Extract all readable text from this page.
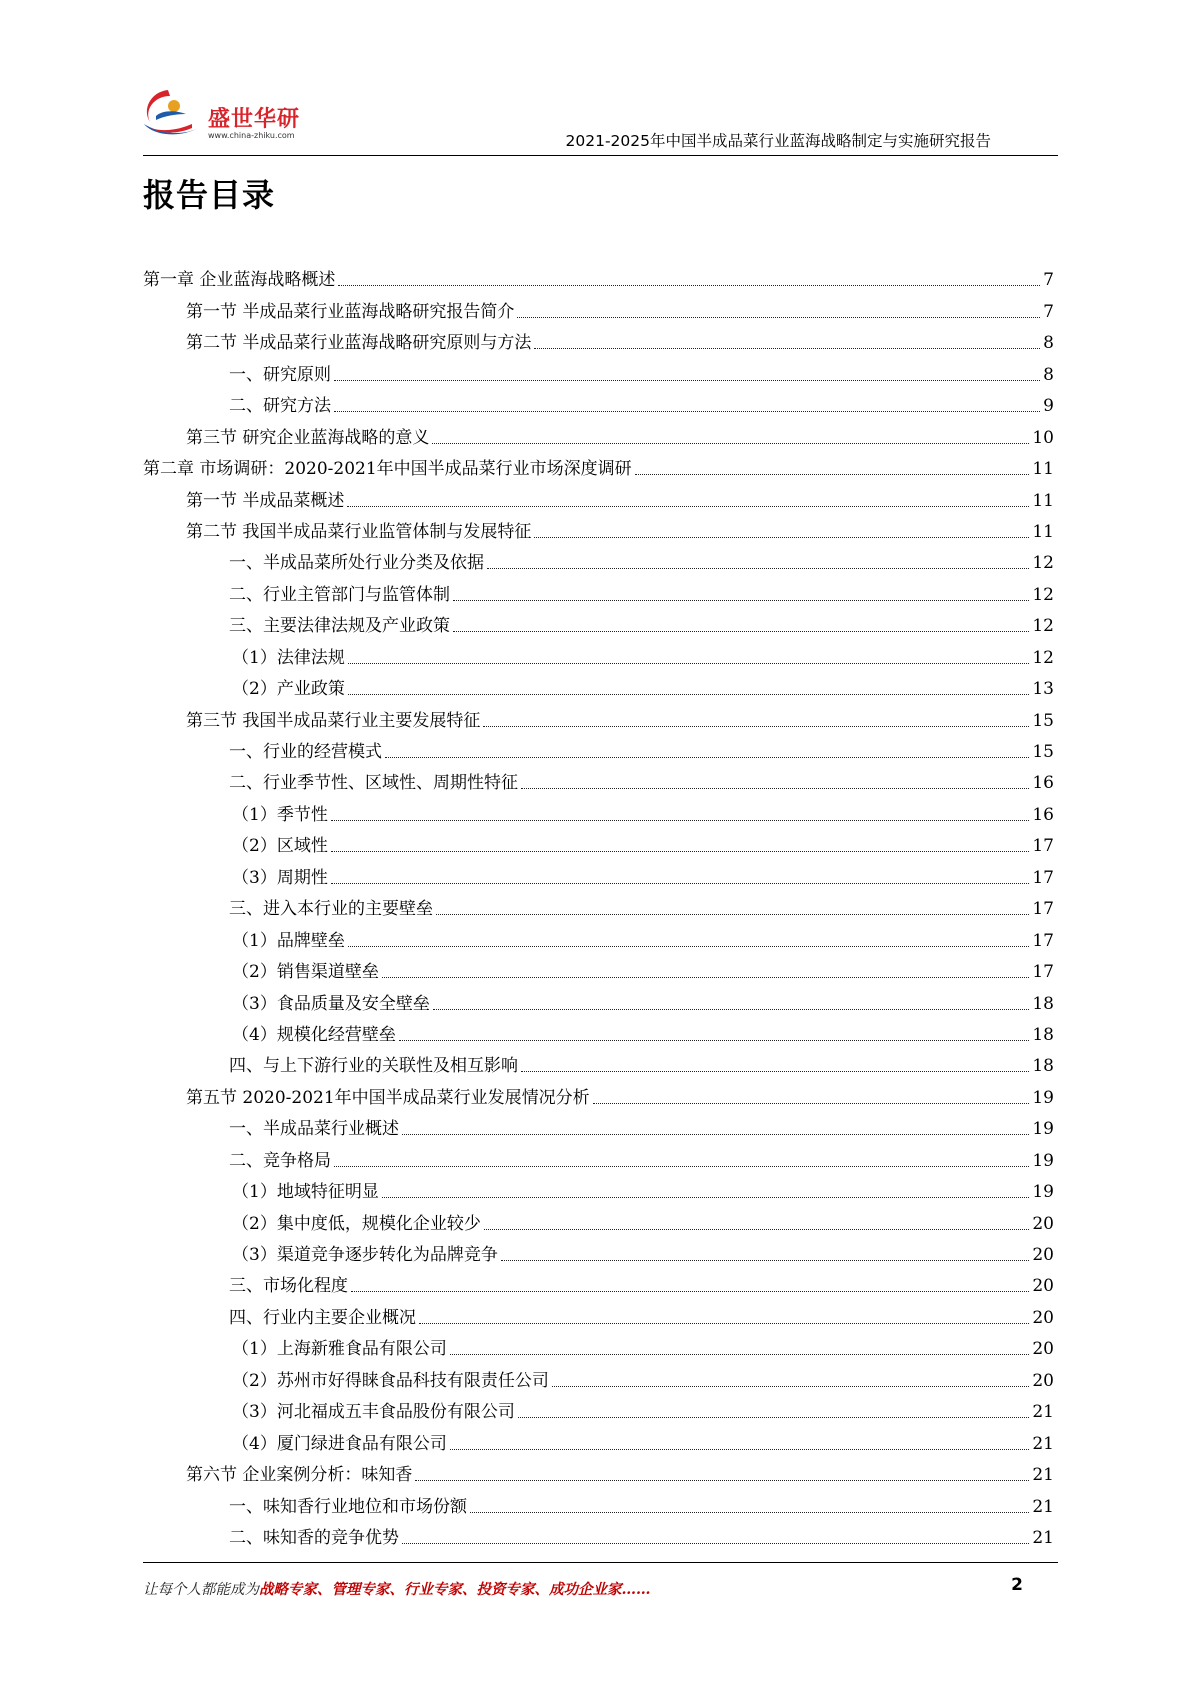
盛世华研
www.china-zhiku.com	2021-2025年中国半成品菜行业蓝海战略制定与实施研究报告
报告目录
第一章 企业蓝海战略概述	7
第一节 半成品菜行业蓝海战略研究报告简介	7
第二节 半成品菜行业蓝海战略研究原则与方法	8
一、研究原则	8
二、研究方法	9
第三节 研究企业蓝海战略的意义	10
第二章 市场调研：2020-2021年中国半成品菜行业市场深度调研	11
第一节 半成品菜概述	11
第二节 我国半成品菜行业监管体制与发展特征	11
一、半成品菜所处行业分类及依据	12
二、行业主管部门与监管体制	12
三、主要法律法规及产业政策	12
（1）法律法规	12
（2）产业政策	13
第三节 我国半成品菜行业主要发展特征	15
一、行业的经营模式	15
二、行业季节性、区域性、周期性特征	16
（1）季节性	16
（2）区域性	17
（3）周期性	17
三、进入本行业的主要壁垒	17
（1）品牌壁垒	17
（2）销售渠道壁垒	17
（3）食品质量及安全壁垒	18
（4）规模化经营壁垒	18
四、与上下游行业的关联性及相互影响	18
第五节 2020-2021年中国半成品菜行业发展情况分析	19
一、半成品菜行业概述	19
二、竞争格局	19
（1）地域特征明显	19
（2）集中度低，规模化企业较少	20
（3）渠道竞争逐步转化为品牌竞争	20
三、市场化程度	20
四、行业内主要企业概况	20
（1）上海新雅食品有限公司	20
（2）苏州市好得睐食品科技有限责任公司	20
（3）河北福成五丰食品股份有限公司	21
（4）厦门绿进食品有限公司	21
第六节 企业案例分析：味知香	21
一、味知香行业地位和市场份额	21
二、味知香的竞争优势	21
让每个人都能成为战略专家、管理专家、行业专家、投资专家、成功企业家……	2
